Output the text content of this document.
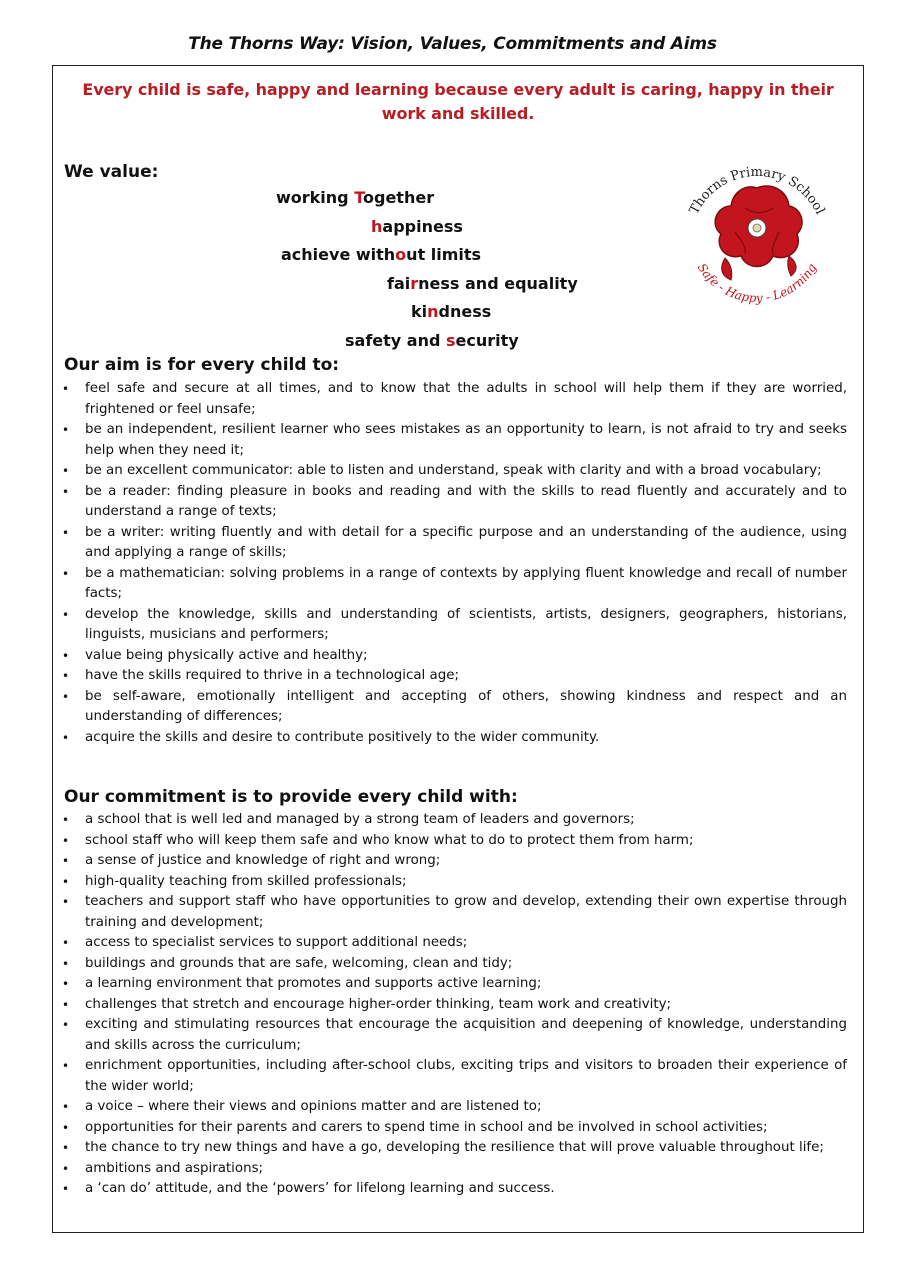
The Thorns Way: Vision, Values, Commitments and Aims
Every child is safe, happy and learning because every adult is caring, happy in their work and skilled.
We value:
working Together
happiness
achieve without limits
fairness and equality
kindness
safety and security
Thorns Primary School
Safe - Happy - Learning
Our aim is for every child to:
• feel safe and secure at all times, and to know that the adults in school will help them if they are worried, frightened or feel unsafe;
• be an independent, resilient learner who sees mistakes as an opportunity to learn, is not afraid to try and seeks help when they need it;
• be an excellent communicator: able to listen and understand, speak with clarity and with a broad vocabulary;
• be a reader: finding pleasure in books and reading and with the skills to read fluently and accurately and to understand a range of texts;
• be a writer: writing fluently and with detail for a specific purpose and an understanding of the audience, using and applying a range of skills;
• be a mathematician: solving problems in a range of contexts by applying fluent knowledge and recall of number facts;
• develop the knowledge, skills and understanding of scientists, artists, designers, geographers, historians, linguists, musicians and performers;
• value being physically active and healthy;
• have the skills required to thrive in a technological age;
• be self-aware, emotionally intelligent and accepting of others, showing kindness and respect and an understanding of differences;
• acquire the skills and desire to contribute positively to the wider community.
Our commitment is to provide every child with:
• a school that is well led and managed by a strong team of leaders and governors;
• school staff who will keep them safe and who know what to do to protect them from harm;
• a sense of justice and knowledge of right and wrong;
• high-quality teaching from skilled professionals;
• teachers and support staff who have opportunities to grow and develop, extending their own expertise through training and development;
• access to specialist services to support additional needs;
• buildings and grounds that are safe, welcoming, clean and tidy;
• a learning environment that promotes and supports active learning;
• challenges that stretch and encourage higher-order thinking, team work and creativity;
• exciting and stimulating resources that encourage the acquisition and deepening of knowledge, understanding and skills across the curriculum;
• enrichment opportunities, including after-school clubs, exciting trips and visitors to broaden their experience of the wider world;
• a voice – where their views and opinions matter and are listened to;
• opportunities for their parents and carers to spend time in school and be involved in school activities;
• the chance to try new things and have a go, developing the resilience that will prove valuable throughout life;
• ambitions and aspirations;
• a ‘can do’ attitude, and the ‘powers’ for lifelong learning and success.
